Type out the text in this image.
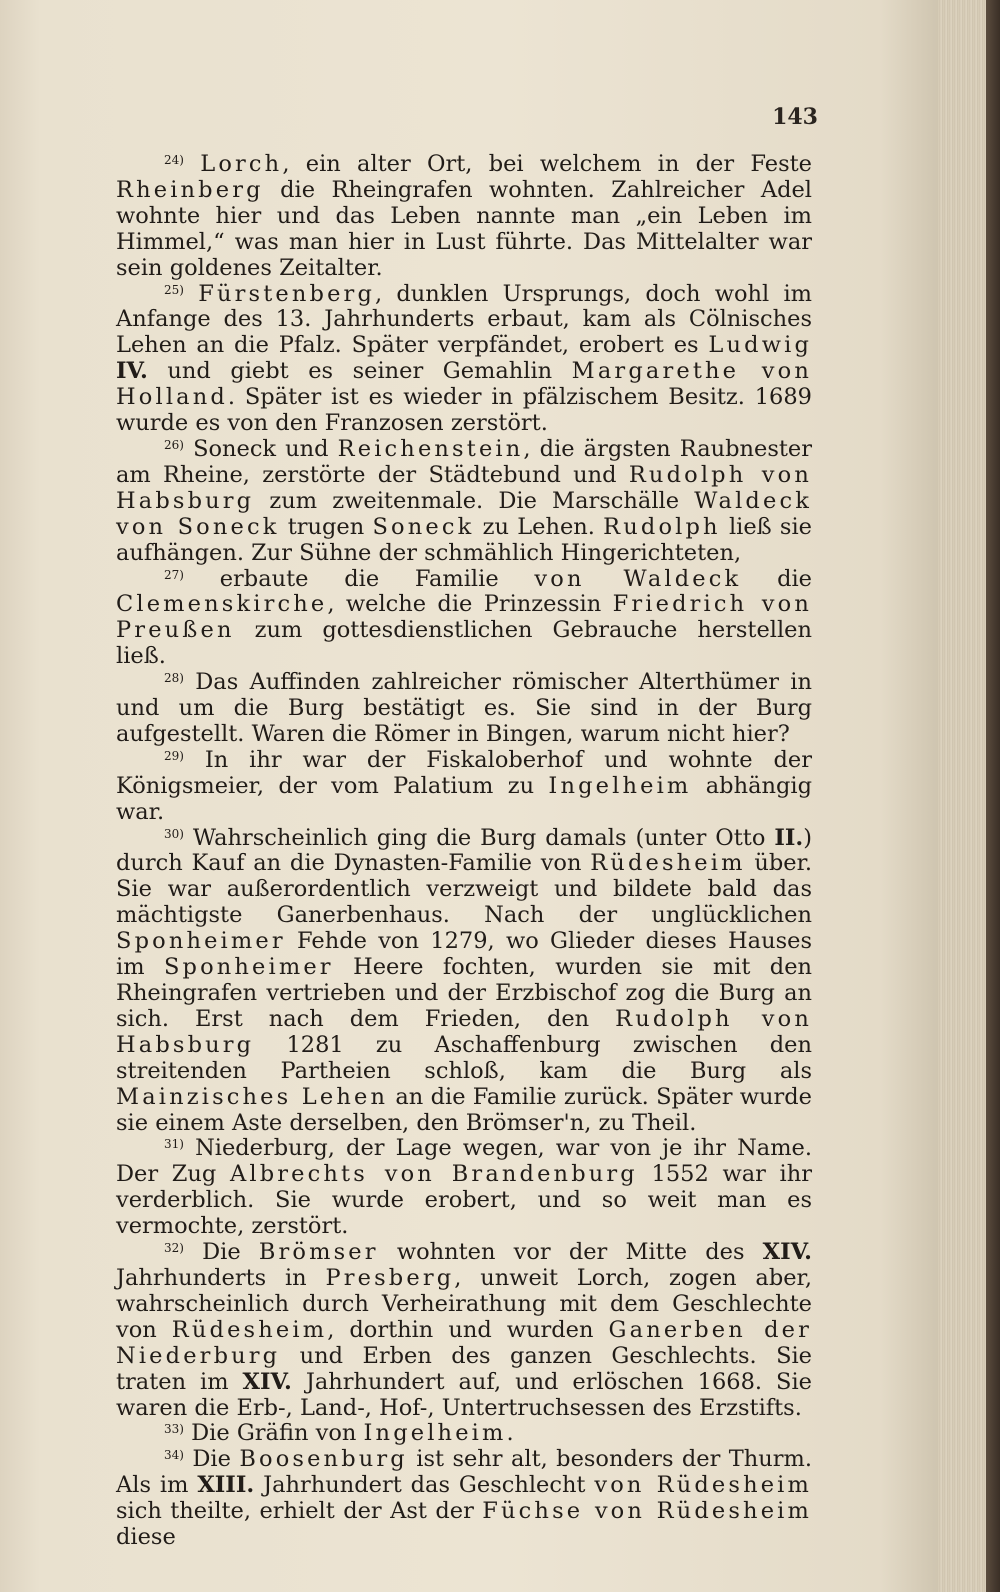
143

$^{24)}$ Lorch, ein alter Ort, bei welchem in der Feste Rheinberg die Rheingrafen wohnten. Zahlreicher Adel wohnte hier und das Leben nannte man „ein Leben im Himmel,“ was man hier in Lust führte. Das Mittelalter war sein goldenes Zeitalter.

$^{25)}$ Fürstenberg, dunklen Ursprungs, doch wohl im Anfange des 13. Jahrhunderts erbaut, kam als Cölnisches Lehen an die Pfalz. Später verpfändet, erobert es Ludwig IV. und giebt es seiner Gemahlin Margarethe von Holland. Später ist es wieder in pfälzischem Besitz. 1689 wurde es von den Franzosen zerstört.

$^{26)}$ Soneck und Reichenstein, die ärgsten Raubnester am Rheine, zerstörte der Städtebund und Rudolph von Habsburg zum zweitenmale. Die Marschälle Waldeck von Soneck trugen Soneck zu Lehen. Rudolph ließ sie aufhängen. Zur Sühne der schmählich Hingerichteten,

$^{27)}$ erbaute die Familie von Waldeck die Clemenskirche, welche die Prinzessin Friedrich von Preußen zum gottesdienstlichen Gebrauche herstellen ließ.

$^{28)}$ Das Auffinden zahlreicher römischer Alterthümer in und um die Burg bestätigt es. Sie sind in der Burg aufgestellt. Waren die Römer in Bingen, warum nicht hier?

$^{29)}$ In ihr war der Fiskaloberhof und wohnte der Königsmeier, der vom Palatium zu Ingelheim abhängig war.

$^{30)}$ Wahrscheinlich ging die Burg damals (unter Otto II.) durch Kauf an die Dynasten-Familie von Rüdesheim über. Sie war außerordentlich verzweigt und bildete bald das mächtigste Ganerbenhaus. Nach der unglücklichen Sponheimer Fehde von 1279, wo Glieder dieses Hauses im Sponheimer Heere fochten, wurden sie mit den Rheingrafen vertrieben und der Erzbischof zog die Burg an sich. Erst nach dem Frieden, den Rudolph von Habsburg 1281 zu Aschaffenburg zwischen den streitenden Partheien schloß, kam die Burg als Mainzisches Lehen an die Familie zurück. Später wurde sie einem Aste derselben, den Brömser'n, zu Theil.

$^{31)}$ Niederburg, der Lage wegen, war von je ihr Name. Der Zug Albrechts von Brandenburg 1552 war ihr verderblich. Sie wurde erobert, und so weit man es vermochte, zerstört.

$^{32)}$ Die Brömser wohnten vor der Mitte des XIV. Jahrhunderts in Presberg, unweit Lorch, zogen aber, wahrscheinlich durch Verheirathung mit dem Geschlechte von Rüdesheim, dorthin und wurden Ganerben der Niederburg und Erben des ganzen Geschlechts. Sie traten im XIV. Jahrhundert auf, und erlöschen 1668. Sie waren die Erb-, Land-, Hof-, Untertruchsessen des Erzstifts.

$^{33)}$ Die Gräfin von Ingelheim.

$^{34)}$ Die Boosenburg ist sehr alt, besonders der Thurm. Als im XIII. Jahrhundert das Geschlecht von Rüdesheim sich theilte, erhielt der Ast der Füchse von Rüdesheim diese
